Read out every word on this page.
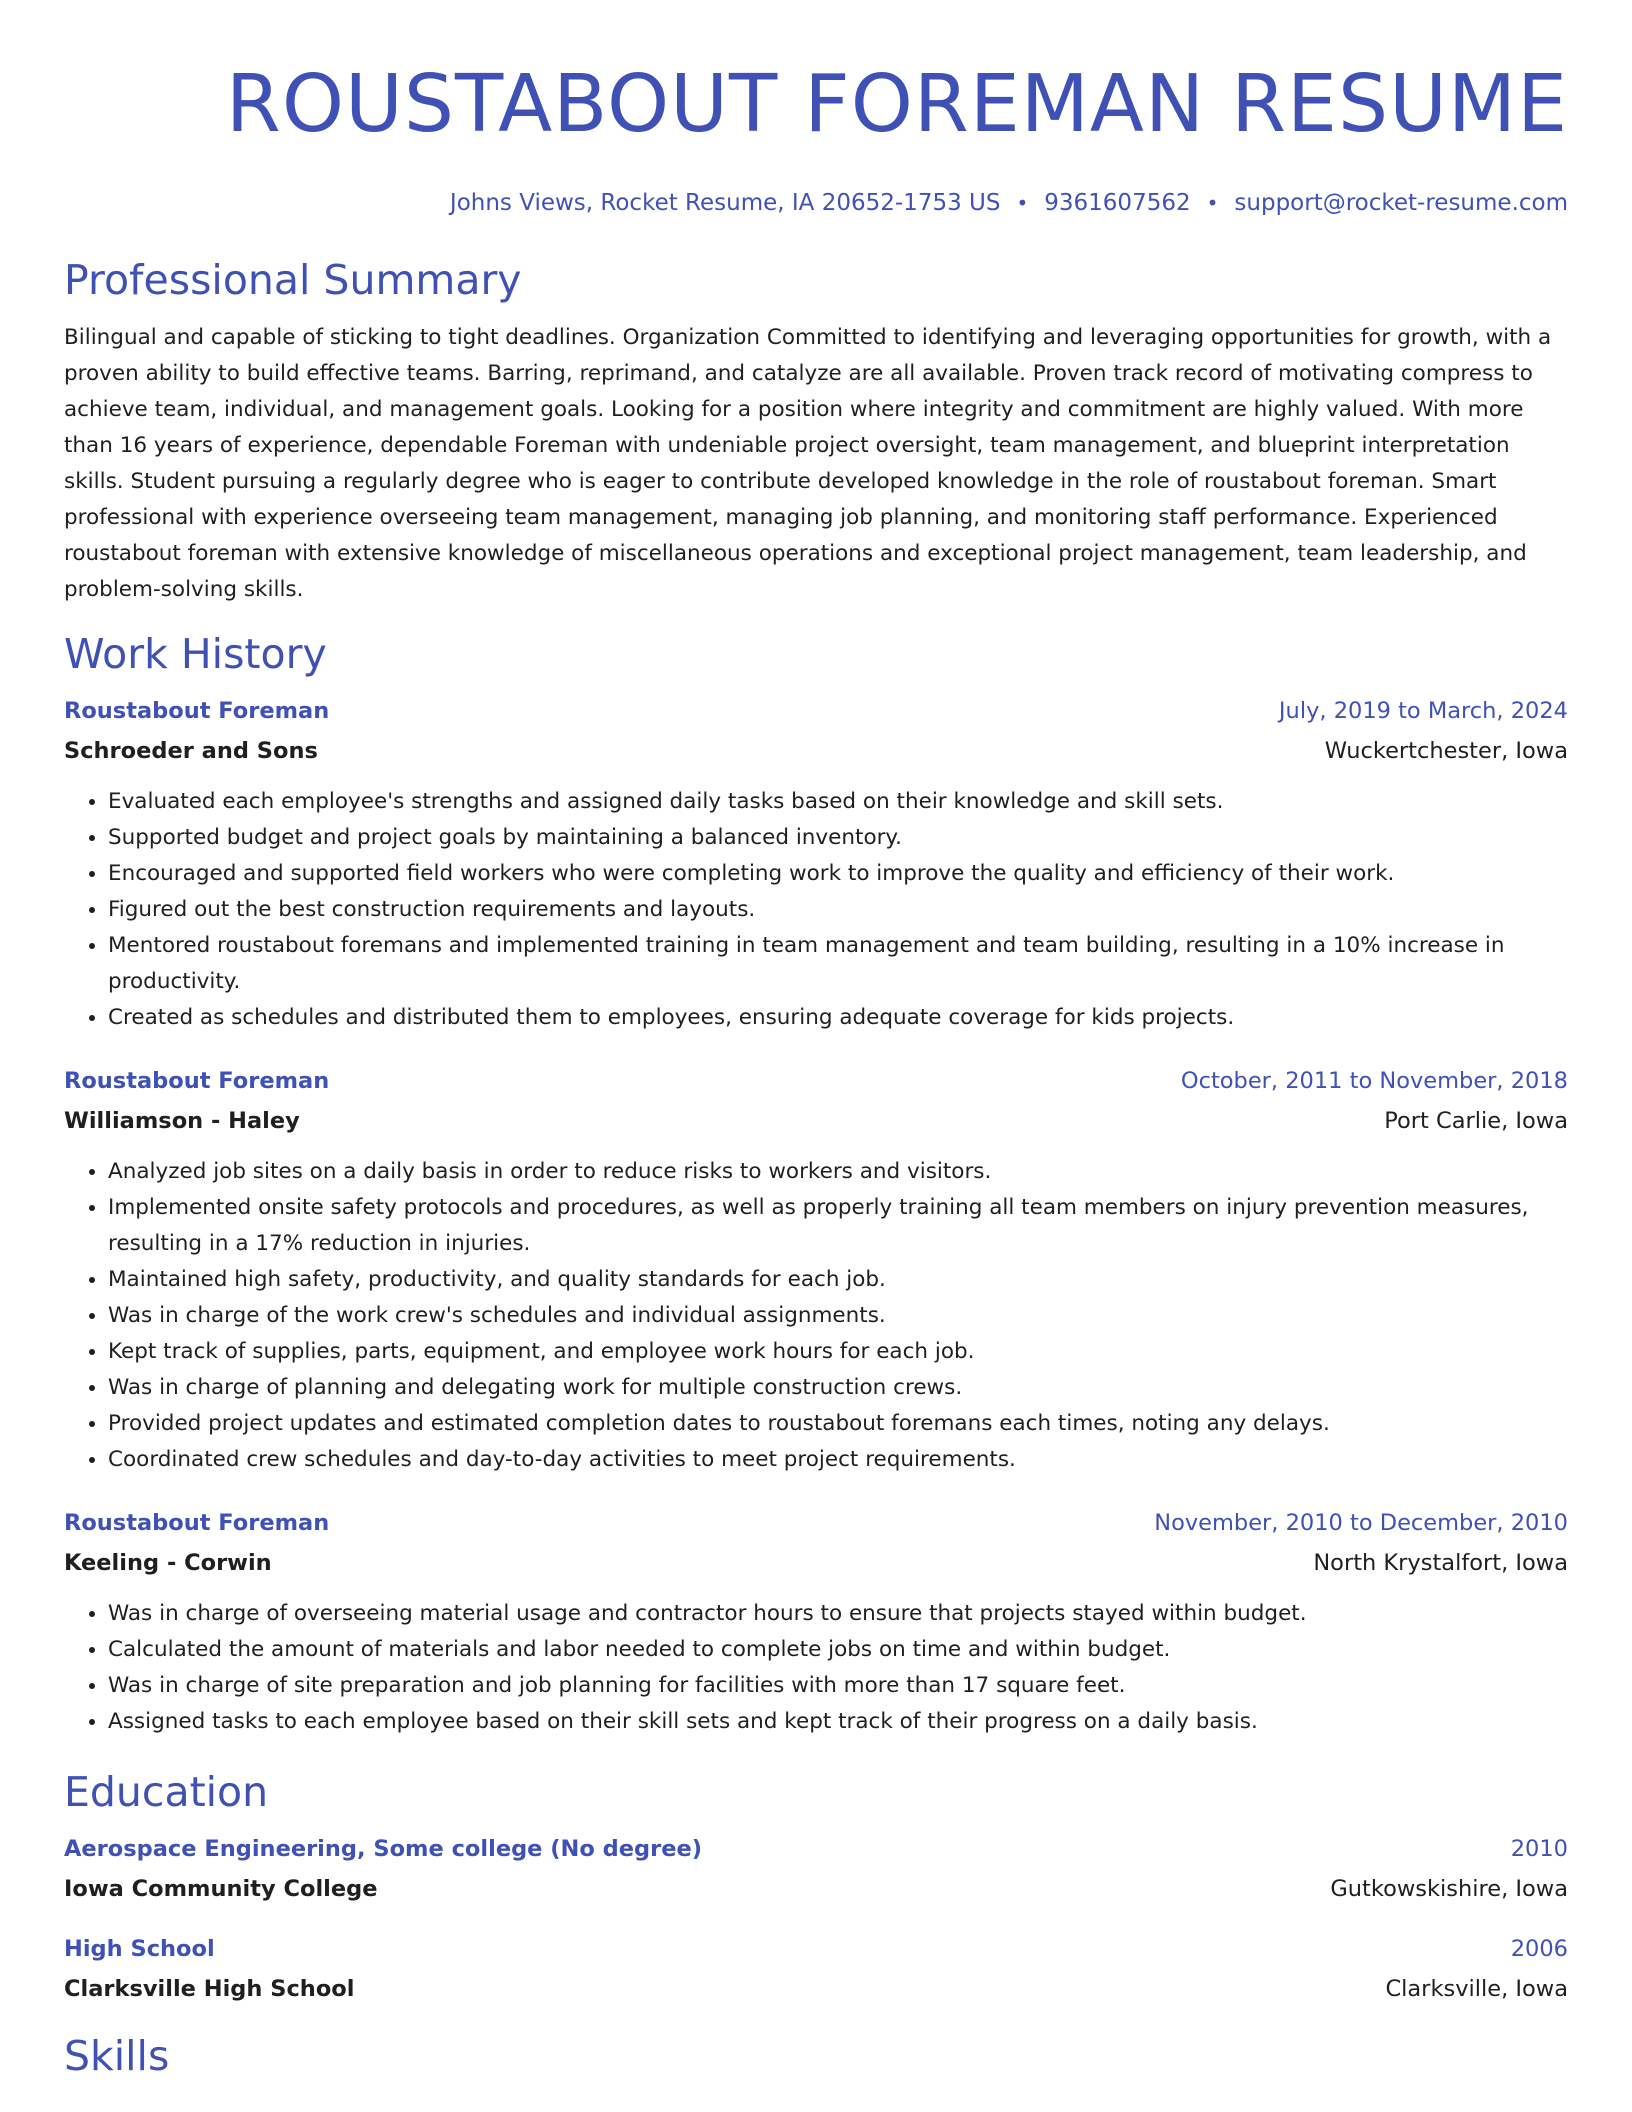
ROUSTABOUT FOREMAN RESUME
Johns Views, Rocket Resume, IA 20652-1753 US • 9361607562 • support@rocket-resume.com
Professional Summary

Bilingual and capable of sticking to tight deadlines. Organization Committed to identifying and leveraging opportunities for growth, with a proven ability to build effective teams. Barring, reprimand, and catalyze are all available. Proven track record of motivating compress to achieve team, individual, and management goals. Looking for a position where integrity and commitment are highly valued. With more than 16 years of experience, dependable Foreman with undeniable project oversight, team management, and blueprint interpretation skills. Student pursuing a regularly degree who is eager to contribute developed knowledge in the role of roustabout foreman. Smart professional with experience overseeing team management, managing job planning, and monitoring staff performance. Experienced roustabout foreman with extensive knowledge of miscellaneous operations and exceptional project management, team leadership, and problem-solving skills.

Work History
Roustabout Foreman	July, 2019 to March, 2024
Schroeder and Sons	Wuckertchester, Iowa
• Evaluated each employee's strengths and assigned daily tasks based on their knowledge and skill sets.
• Supported budget and project goals by maintaining a balanced inventory.
• Encouraged and supported field workers who were completing work to improve the quality and efficiency of their work.
• Figured out the best construction requirements and layouts.
• Mentored roustabout foremans and implemented training in team management and team building, resulting in a 10% increase in productivity.
• Created as schedules and distributed them to employees, ensuring adequate coverage for kids projects.
Roustabout Foreman	October, 2011 to November, 2018
Williamson - Haley	Port Carlie, Iowa
• Analyzed job sites on a daily basis in order to reduce risks to workers and visitors.
• Implemented onsite safety protocols and procedures, as well as properly training all team members on injury prevention measures, resulting in a 17% reduction in injuries.
• Maintained high safety, productivity, and quality standards for each job.
• Was in charge of the work crew's schedules and individual assignments.
• Kept track of supplies, parts, equipment, and employee work hours for each job.
• Was in charge of planning and delegating work for multiple construction crews.
• Provided project updates and estimated completion dates to roustabout foremans each times, noting any delays.
• Coordinated crew schedules and day-to-day activities to meet project requirements.
Roustabout Foreman	November, 2010 to December, 2010
Keeling - Corwin	North Krystalfort, Iowa
• Was in charge of overseeing material usage and contractor hours to ensure that projects stayed within budget.
• Calculated the amount of materials and labor needed to complete jobs on time and within budget.
• Was in charge of site preparation and job planning for facilities with more than 17 square feet.
• Assigned tasks to each employee based on their skill sets and kept track of their progress on a daily basis.
Education
Aerospace Engineering, Some college (No degree)	2010
Iowa Community College	Gutkowskishire, Iowa
High School	2006
Clarksville High School	Clarksville, Iowa
Skills
